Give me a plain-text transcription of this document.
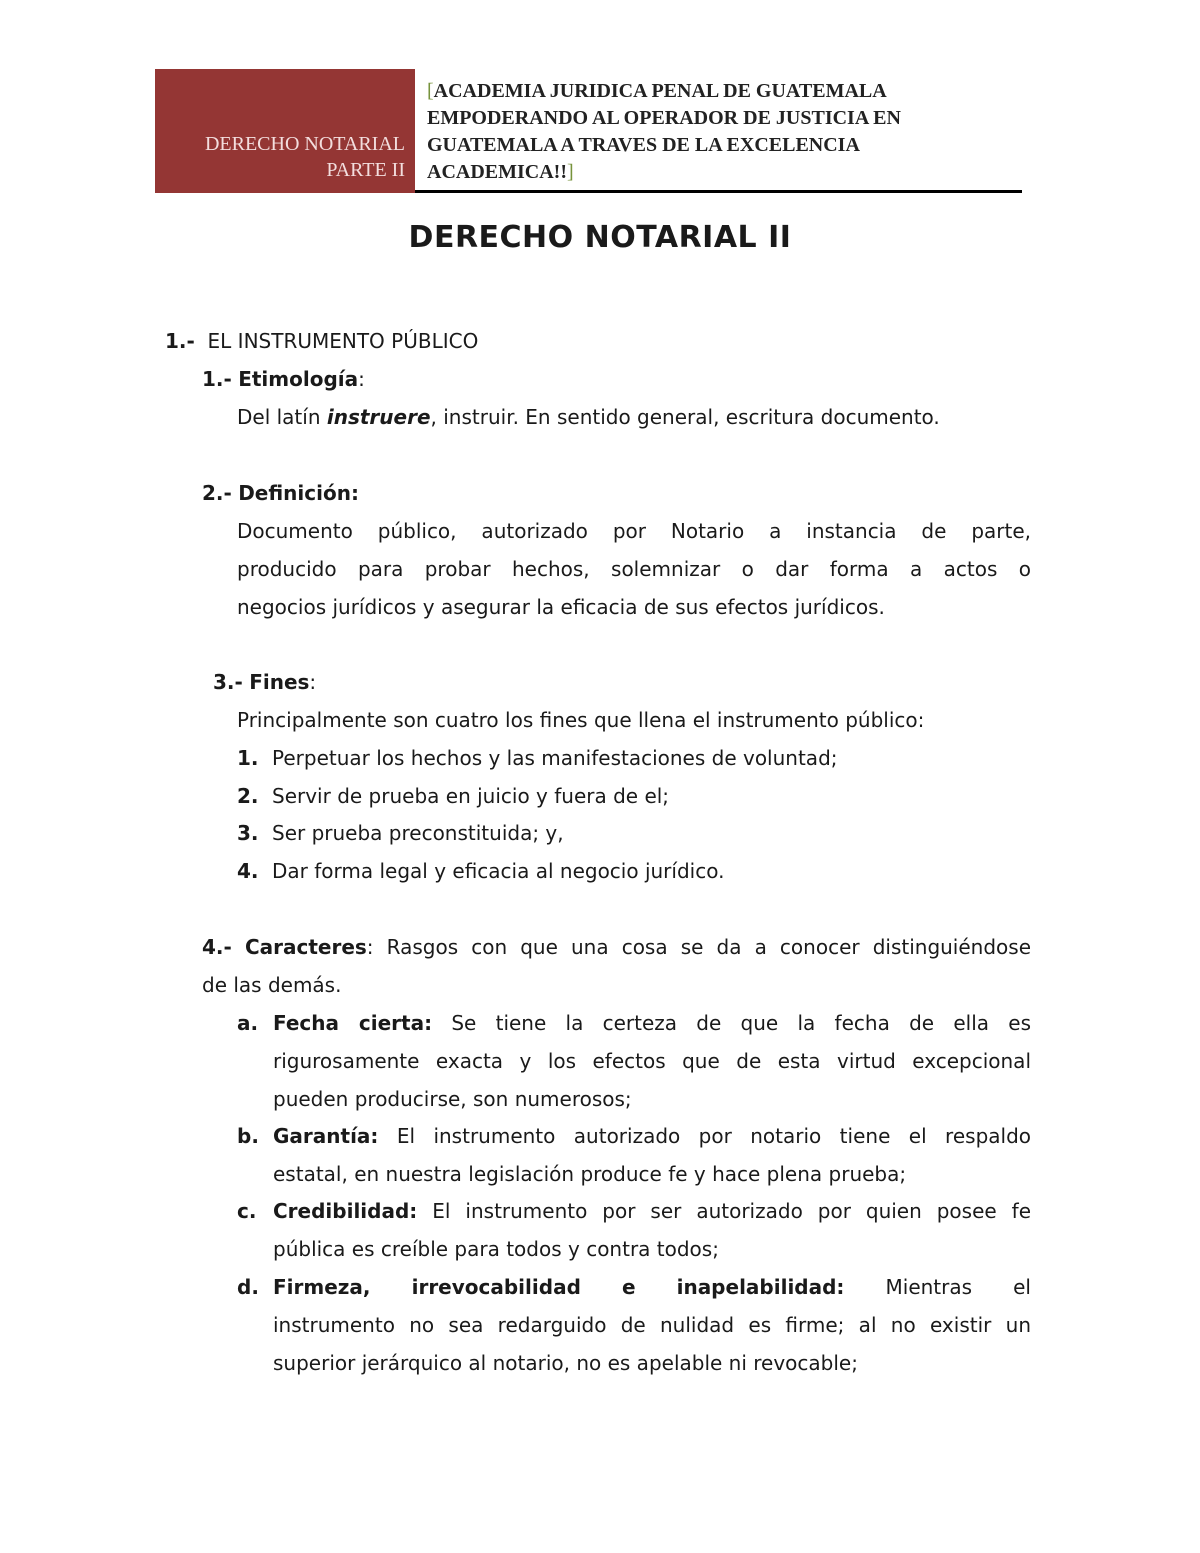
DERECHO NOTARIAL
PARTE II
[ACADEMIA JURIDICA PENAL DE GUATEMALA
EMPODERANDO AL OPERADOR DE JUSTICIA EN
GUATEMALA A TRAVES DE LA EXCELENCIA
ACADEMICA!!]
DERECHO NOTARIAL II
1.- EL INSTRUMENTO PÚBLICO
1.- Etimología:
Del latín instruere, instruir. En sentido general, escritura documento.
2.- Definición:
Documento público, autorizado por Notario a instancia de parte,
producido para probar hechos, solemnizar o dar forma a actos o
negocios jurídicos y asegurar la eficacia de sus efectos jurídicos.
3.- Fines:
Principalmente son cuatro los fines que llena el instrumento público:
1. Perpetuar los hechos y las manifestaciones de voluntad;
2. Servir de prueba en juicio y fuera de el;
3. Ser prueba preconstituida; y,
4. Dar forma legal y eficacia al negocio jurídico.
4.- Caracteres: Rasgos con que una cosa se da a conocer distinguiéndose
de las demás.
a. Fecha cierta: Se tiene la certeza de que la fecha de ella es
rigurosamente exacta y los efectos que de esta virtud excepcional
pueden producirse, son numerosos;
b. Garantía: El instrumento autorizado por notario tiene el respaldo
estatal, en nuestra legislación produce fe y hace plena prueba;
c. Credibilidad: El instrumento por ser autorizado por quien posee fe
pública es creíble para todos y contra todos;
d. Firmeza, irrevocabilidad e inapelabilidad: Mientras el
instrumento no sea redarguido de nulidad es firme; al no existir un
superior jerárquico al notario, no es apelable ni revocable;
